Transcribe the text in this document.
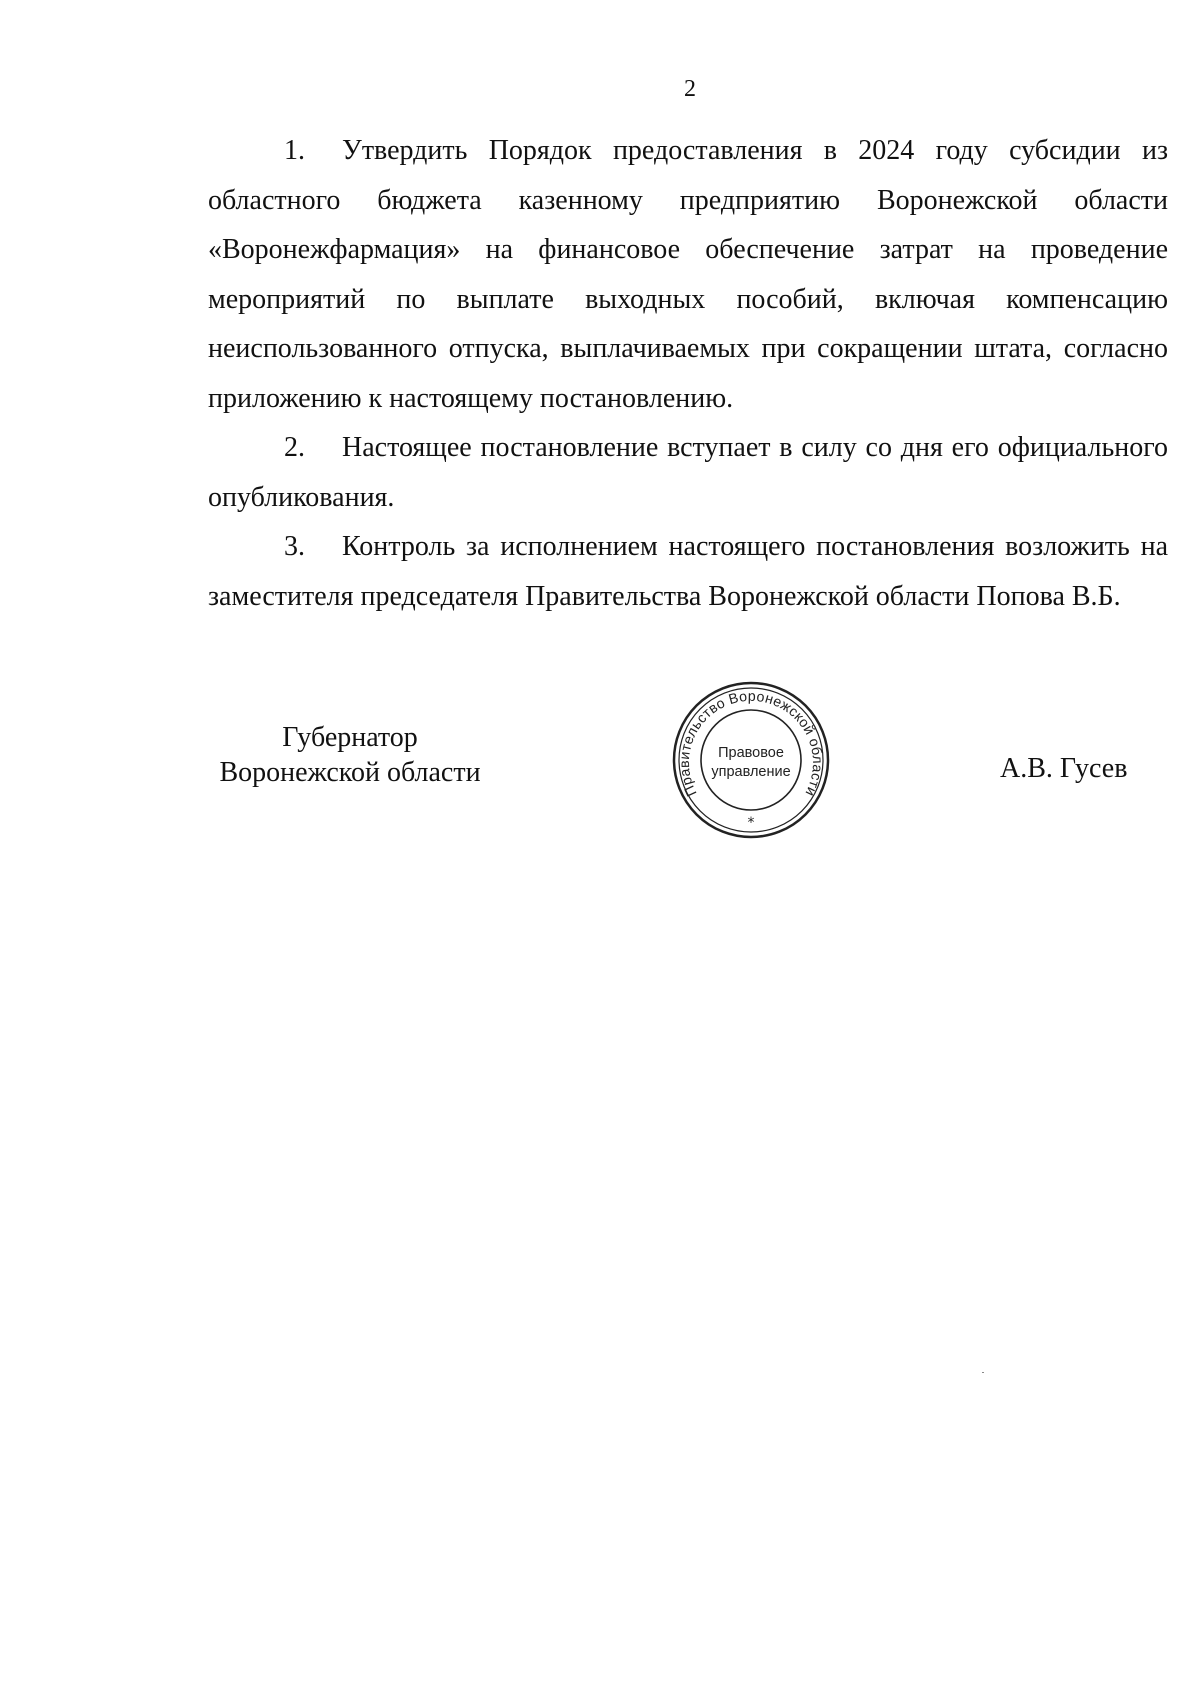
2

1. Утвердить Порядок предоставления в 2024 году субсидии из областного бюджета казенному предприятию Воронежской области «Воронежфармация» на финансовое обеспечение затрат на проведение мероприятий по выплате выходных пособий, включая компенсацию неиспользованного отпуска, выплачиваемых при сокращении штата, согласно приложению к настоящему постановлению.

2. Настоящее постановление вступает в силу со дня его официального опубликования.

3. Контроль за исполнением настоящего постановления возложить на заместителя председателя Правительства Воронежской области Попова В.Б.

Губернатор
Воронежской области
Правительство Воронежской области
Правовое
управление
*
А.В. Гусев
